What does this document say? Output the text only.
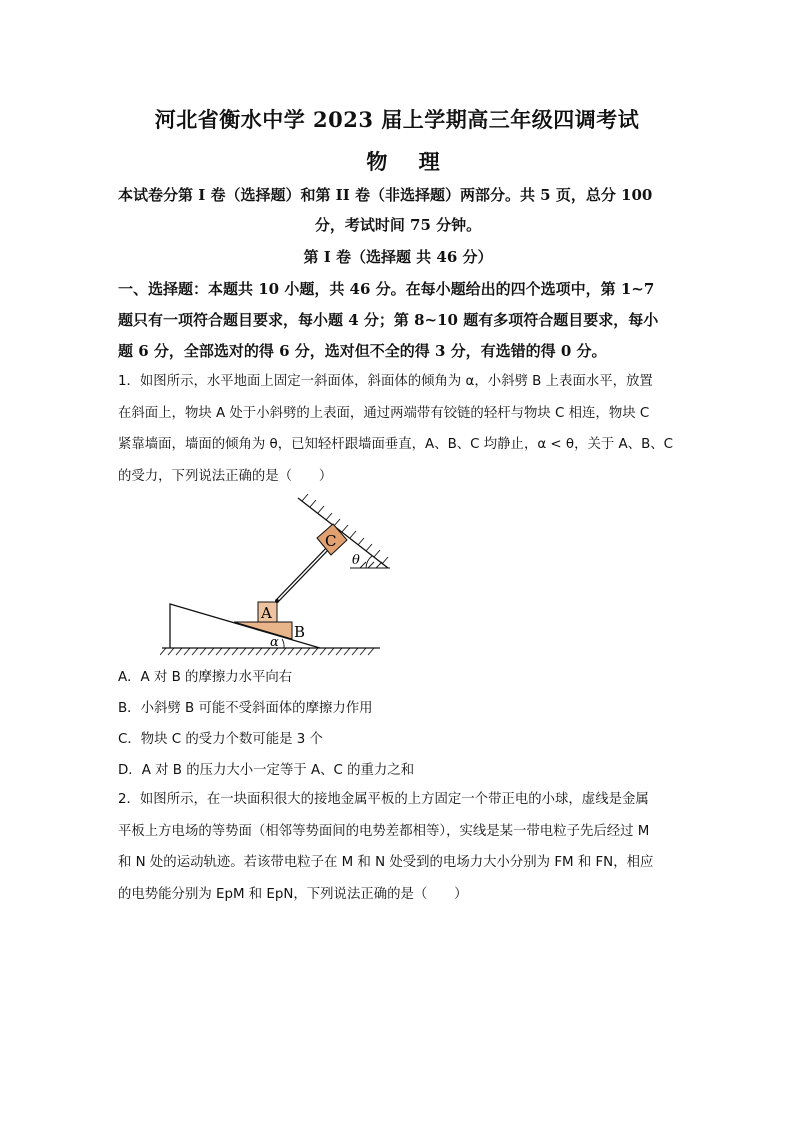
河北省衡水中学 2023 届上学期高三年级四调考试
物 理
本试卷分第 I 卷（选择题）和第 II 卷（非选择题）两部分。共 5 页，总分 100
分，考试时间 75 分钟。
第 I 卷（选择题 共 46 分）
一、选择题：本题共 10 小题，共 46 分。在每小题给出的四个选项中，第 1~7
题只有一项符合题目要求，每小题 4 分；第 8~10 题有多项符合题目要求，每小
题 6 分，全部选对的得 6 分，选对但不全的得 3 分，有选错的得 0 分。
1．如图所示，水平地面上固定一斜面体，斜面体的倾角为 α，小斜劈 B 上表面水平，放置
在斜面上，物块 A 处于小斜劈的上表面，通过两端带有铰链的轻杆与物块 C 相连，物块 C
紧靠墙面，墙面的倾角为 θ，已知轻杆跟墙面垂直，A、B、C 均静止，α < θ，关于 A、B、C
的受力，下列说法正确的是（　　）
A
B
C
α
θ
A．A 对 B 的摩擦力水平向右
B．小斜劈 B 可能不受斜面体的摩擦力作用
C．物块 C 的受力个数可能是 3 个
D．A 对 B 的压力大小一定等于 A、C 的重力之和
2．如图所示，在一块面积很大的接地金属平板的上方固定一个带正电的小球，虚线是金属
平板上方电场的等势面（相邻等势面间的电势差都相等），实线是某一带电粒子先后经过 M
和 N 处的运动轨迹。若该带电粒子在 M 和 N 处受到的电场力大小分别为 FM 和 FN，相应
的电势能分别为 EpM 和 EpN，下列说法正确的是（　　）
